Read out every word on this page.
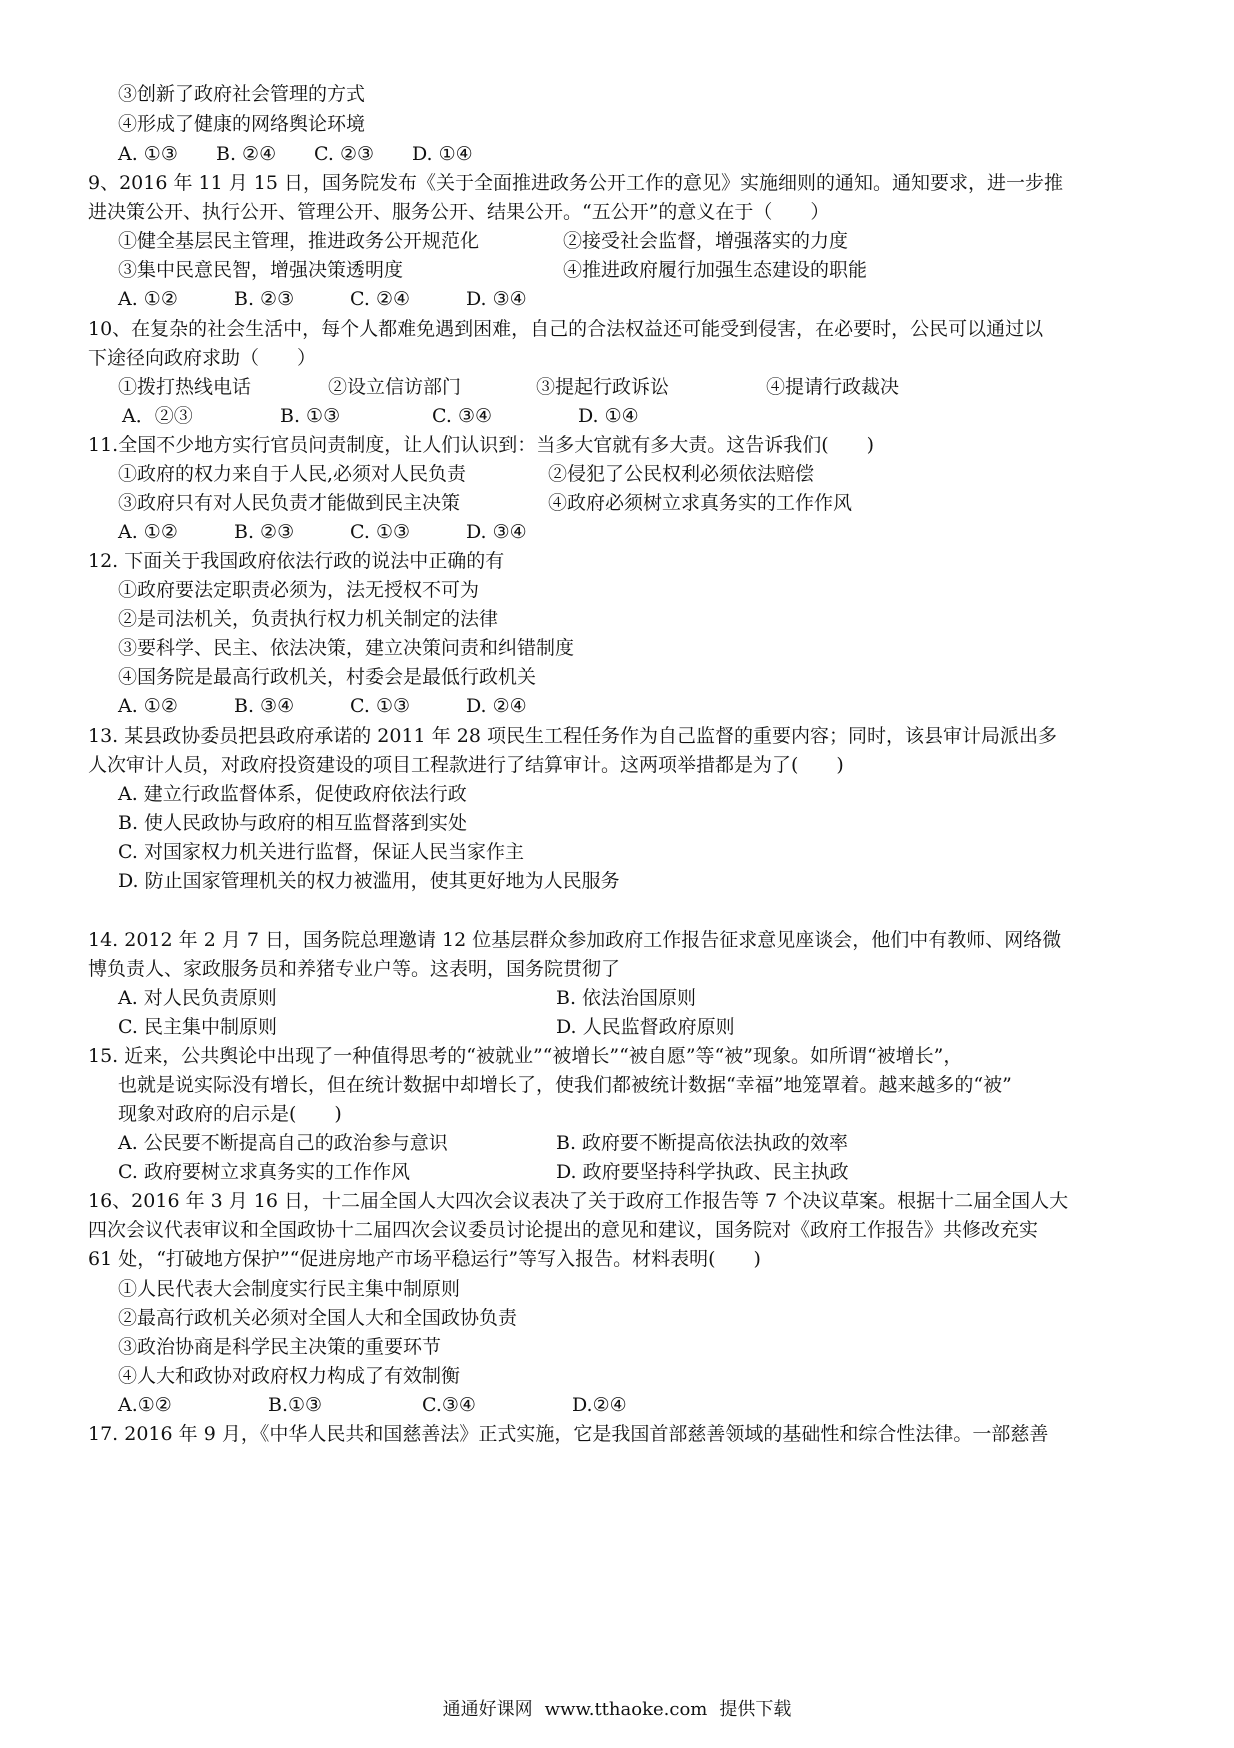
③创新了政府社会管理的方式
④形成了健康的网络舆论环境
A. ①③ B. ②④ C. ②③ D. ①④
9、2016 年 11 月 15 日，国务院发布《关于全面推进政务公开工作的意见》实施细则的通知。通知要求，进一步推
进决策公开、执行公开、管理公开、服务公开、结果公开。“五公开”的意义在于（　　）
①健全基层民主管理，推进政务公开规范化	②接受社会监督，增强落实的力度
③集中民意民智，增强决策透明度	④推进政府履行加强生态建设的职能
A. ①②	B. ②③	C. ②④	D. ③④
10、在复杂的社会生活中，每个人都难免遇到困难，自己的合法权益还可能受到侵害，在必要时，公民可以通过以
下途径向政府求助（　　）
①拨打热线电话	②设立信访部门	③提起行政诉讼	④提请行政裁决
A．②③	B. ①③	C. ③④	D. ①④
11.全国不少地方实行官员问责制度，让人们认识到：当多大官就有多大责。这告诉我们(　　)
①政府的权力来自于人民,必须对人民负责	②侵犯了公民权利必须依法赔偿
③政府只有对人民负责才能做到民主决策	④政府必须树立求真务实的工作作风
A. ①②	B. ②③	C. ①③	D. ③④
12. 下面关于我国政府依法行政的说法中正确的有
①政府要法定职责必须为，法无授权不可为
②是司法机关，负责执行权力机关制定的法律
③要科学、民主、依法决策，建立决策问责和纠错制度
④国务院是最高行政机关，村委会是最低行政机关
A. ①②	B. ③④	C. ①③	D. ②④
13. 某县政协委员把县政府承诺的 2011 年 28 项民生工程任务作为自己监督的重要内容；同时，该县审计局派出多
人次审计人员，对政府投资建设的项目工程款进行了结算审计。这两项举措都是为了(　　)
A. 建立行政监督体系，促使政府依法行政
B. 使人民政协与政府的相互监督落到实处
C. 对国家权力机关进行监督，保证人民当家作主
D. 防止国家管理机关的权力被滥用，使其更好地为人民服务
14. 2012 年 2 月 7 日，国务院总理邀请 12 位基层群众参加政府工作报告征求意见座谈会，他们中有教师、网络微
博负责人、家政服务员和养猪专业户等。这表明，国务院贯彻了
A. 对人民负责原则	B. 依法治国原则
C. 民主集中制原则	D. 人民监督政府原则
15. 近来，公共舆论中出现了一种值得思考的“被就业”“被增长”“被自愿”等“被”现象。如所谓“被增长”，
也就是说实际没有增长，但在统计数据中却增长了，使我们都被统计数据“幸福”地笼罩着。越来越多的“被”
现象对政府的启示是(　　)
A. 公民要不断提高自己的政治参与意识	B. 政府要不断提高依法执政的效率
C. 政府要树立求真务实的工作作风	D. 政府要坚持科学执政、民主执政
16、2016 年 3 月 16 日，十二届全国人大四次会议表决了关于政府工作报告等 7 个决议草案。根据十二届全国人大
四次会议代表审议和全国政协十二届四次会议委员讨论提出的意见和建议，国务院对《政府工作报告》共修改充实
61 处，“打破地方保护”“促进房地产市场平稳运行”等写入报告。材料表明(　　)
①人民代表大会制度实行民主集中制原则
②最高行政机关必须对全国人大和全国政协负责
③政治协商是科学民主决策的重要环节
④人大和政协对政府权力构成了有效制衡
A.①②	B.①③	C.③④	D.②④
17. 2016 年 9 月，《中华人民共和国慈善法》正式实施，它是我国首部慈善领域的基础性和综合性法律。一部慈善
通通好课网 www.tthaoke.com 提供下载
